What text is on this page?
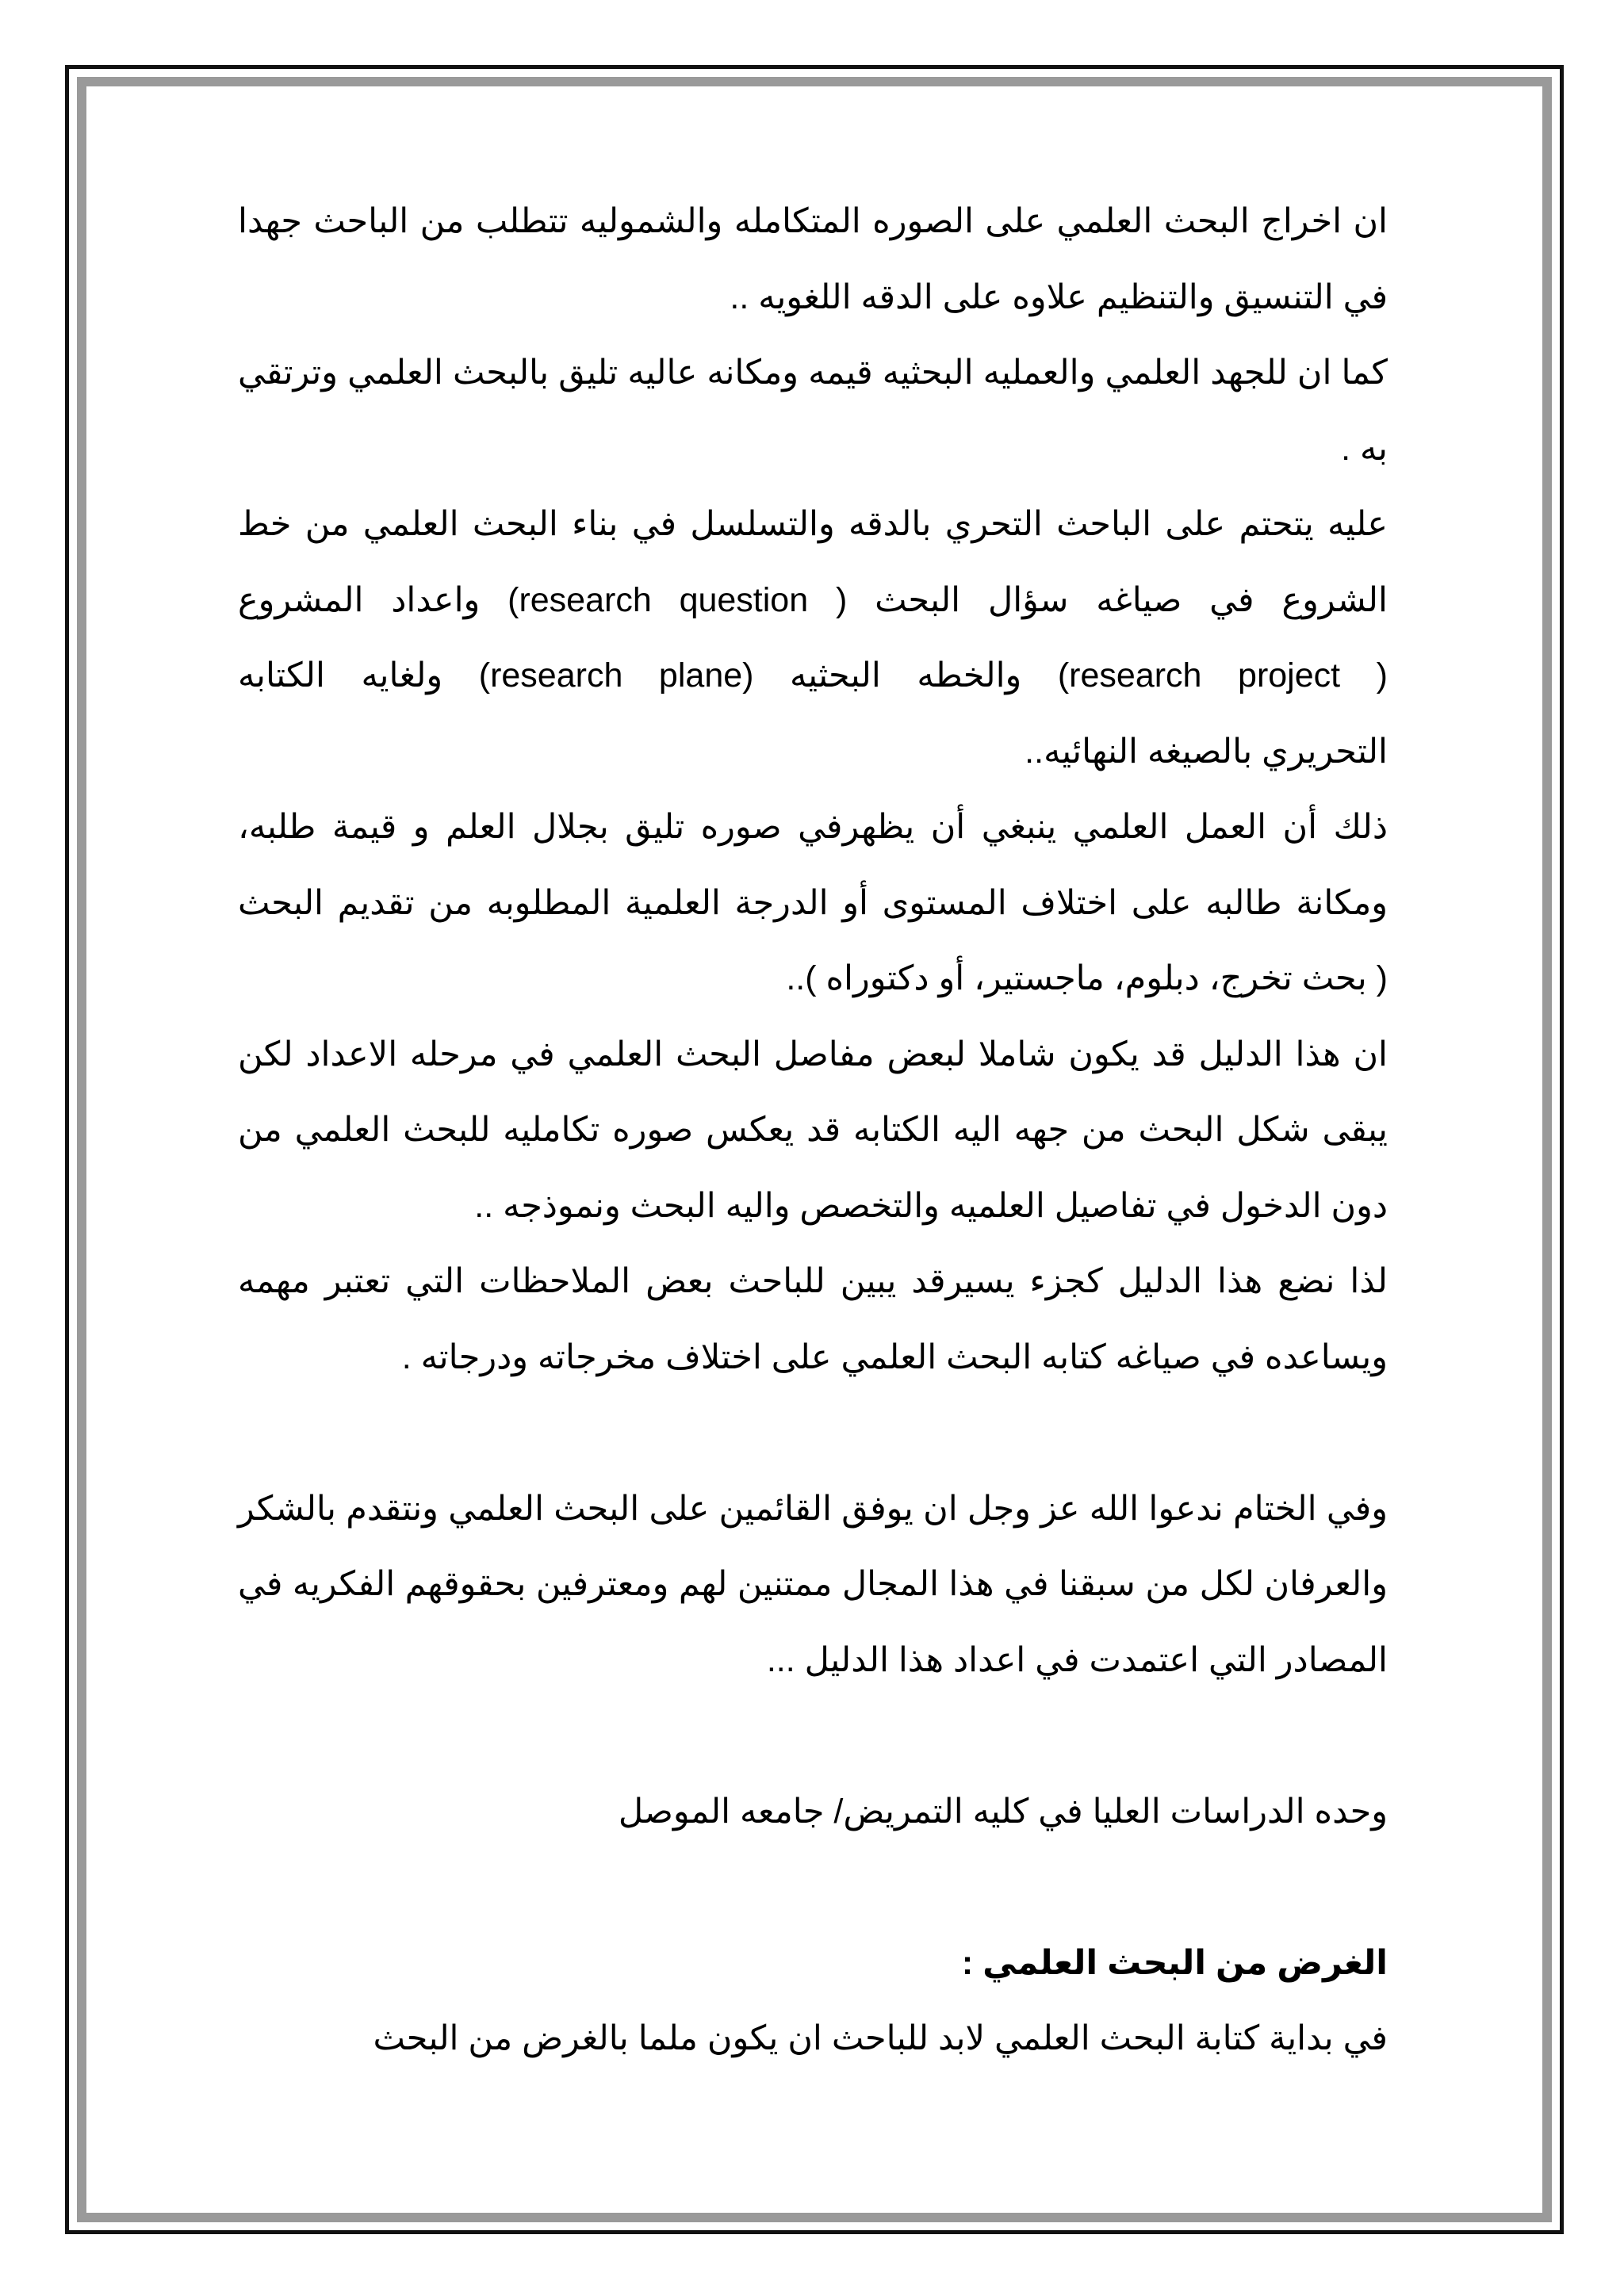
ان اخراج البحث العلمي على الصوره المتكامله والشموليه تتطلب من الباحث جهدا
في التنسيق والتنظيم علاوه على الدقه اللغويه ..

كما ان للجهد العلمي والعمليه البحثيه قيمه ومكانه عاليه تليق بالبحث العلمي وترتقي
به .

عليه يتحتم على الباحث التحري بالدقه والتسلسل في بناء البحث العلمي من خط
الشروع في صياغه سؤال البحث ( research question) واعداد المشروع
( research project) والخطه البحثيه (research plane) ولغايه الكتابه
التحريري بالصيغه النهائيه..

ذلك أن العمل العلمي ينبغي أن يظهرفي صوره تليق بجلال العلم و قيمة طلبه،
ومكانة طالبه على اختلاف المستوى أو الدرجة العلمية المطلوبه من تقديم البحث
( بحث تخرج، دبلوم، ماجستير، أو دكتوراه )..

ان هذا الدليل قد يكون شاملا لبعض مفاصل البحث العلمي في مرحله الاعداد لكن
يبقى شكل البحث من جهه اليه الكتابه قد يعكس صوره تكامليه للبحث العلمي من
دون الدخول في تفاصيل العلميه والتخصص واليه البحث ونموذجه ..

لذا نضع هذا الدليل كجزء يسيرقد يبين للباحث بعض الملاحظات التي تعتبر مهمه
ويساعده في صياغه كتابه البحث العلمي على اختلاف مخرجاته ودرجاته .

وفي الختام ندعوا الله عز وجل ان يوفق القائمين على البحث العلمي ونتقدم بالشكر
والعرفان لكل من سبقنا في هذا المجال ممتنين لهم ومعترفين بحقوقهم الفكريه في
المصادر التي اعتمدت في اعداد هذا الدليل ...

وحده الدراسات العليا في كليه التمريض/ جامعه الموصل

الغرض من البحث العلمي :

في بداية كتابة البحث العلمي لابد للباحث ان يكون ملما بالغرض من البحث
